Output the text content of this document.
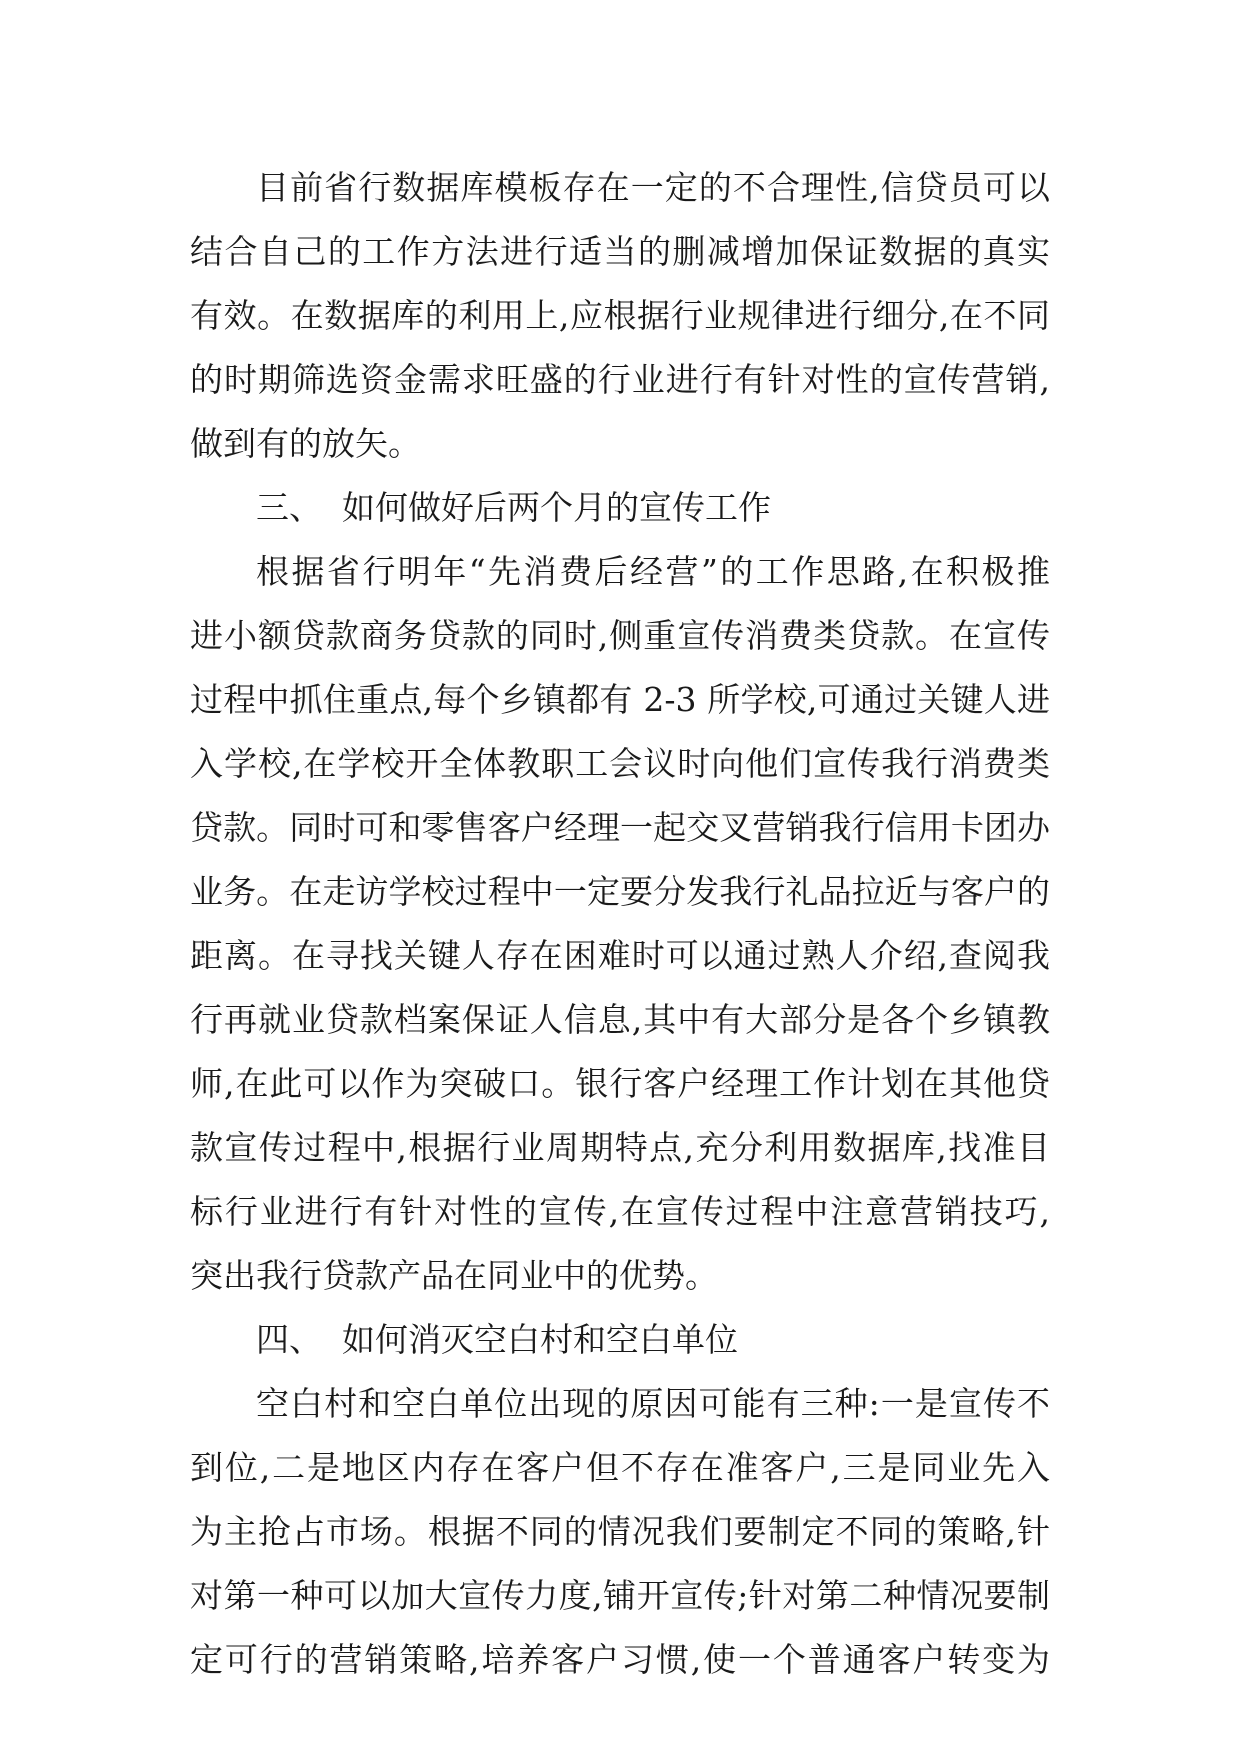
目前省行数据库模板存在一定的不合理性,信贷员可以
结合自己的工作方法进行适当的删减增加保证数据的真实
有效。在数据库的利用上,应根据行业规律进行细分,在不同
的时期筛选资金需求旺盛的行业进行有针对性的宣传营销,
做到有的放矢。
三、 如何做好后两个月的宣传工作
根据省行明年“先消费后经营”的工作思路,在积极推
进小额贷款商务贷款的同时,侧重宣传消费类贷款。在宣传
过程中抓住重点,每个乡镇都有 2-3 所学校,可通过关键人进
入学校,在学校开全体教职工会议时向他们宣传我行消费类
贷款。同时可和零售客户经理一起交叉营销我行信用卡团办
业务。在走访学校过程中一定要分发我行礼品拉近与客户的
距离。在寻找关键人存在困难时可以通过熟人介绍,查阅我
行再就业贷款档案保证人信息,其中有大部分是各个乡镇教
师,在此可以作为突破口。银行客户经理工作计划在其他贷
款宣传过程中,根据行业周期特点,充分利用数据库,找准目
标行业进行有针对性的宣传,在宣传过程中注意营销技巧,
突出我行贷款产品在同业中的优势。
四、 如何消灭空白村和空白单位
空白村和空白单位出现的原因可能有三种:一是宣传不
到位,二是地区内存在客户但不存在准客户,三是同业先入
为主抢占市场。根据不同的情况我们要制定不同的策略,针
对第一种可以加大宣传力度,铺开宣传;针对第二种情况要制
定可行的营销策略,培养客户习惯,使一个普通客户转变为
